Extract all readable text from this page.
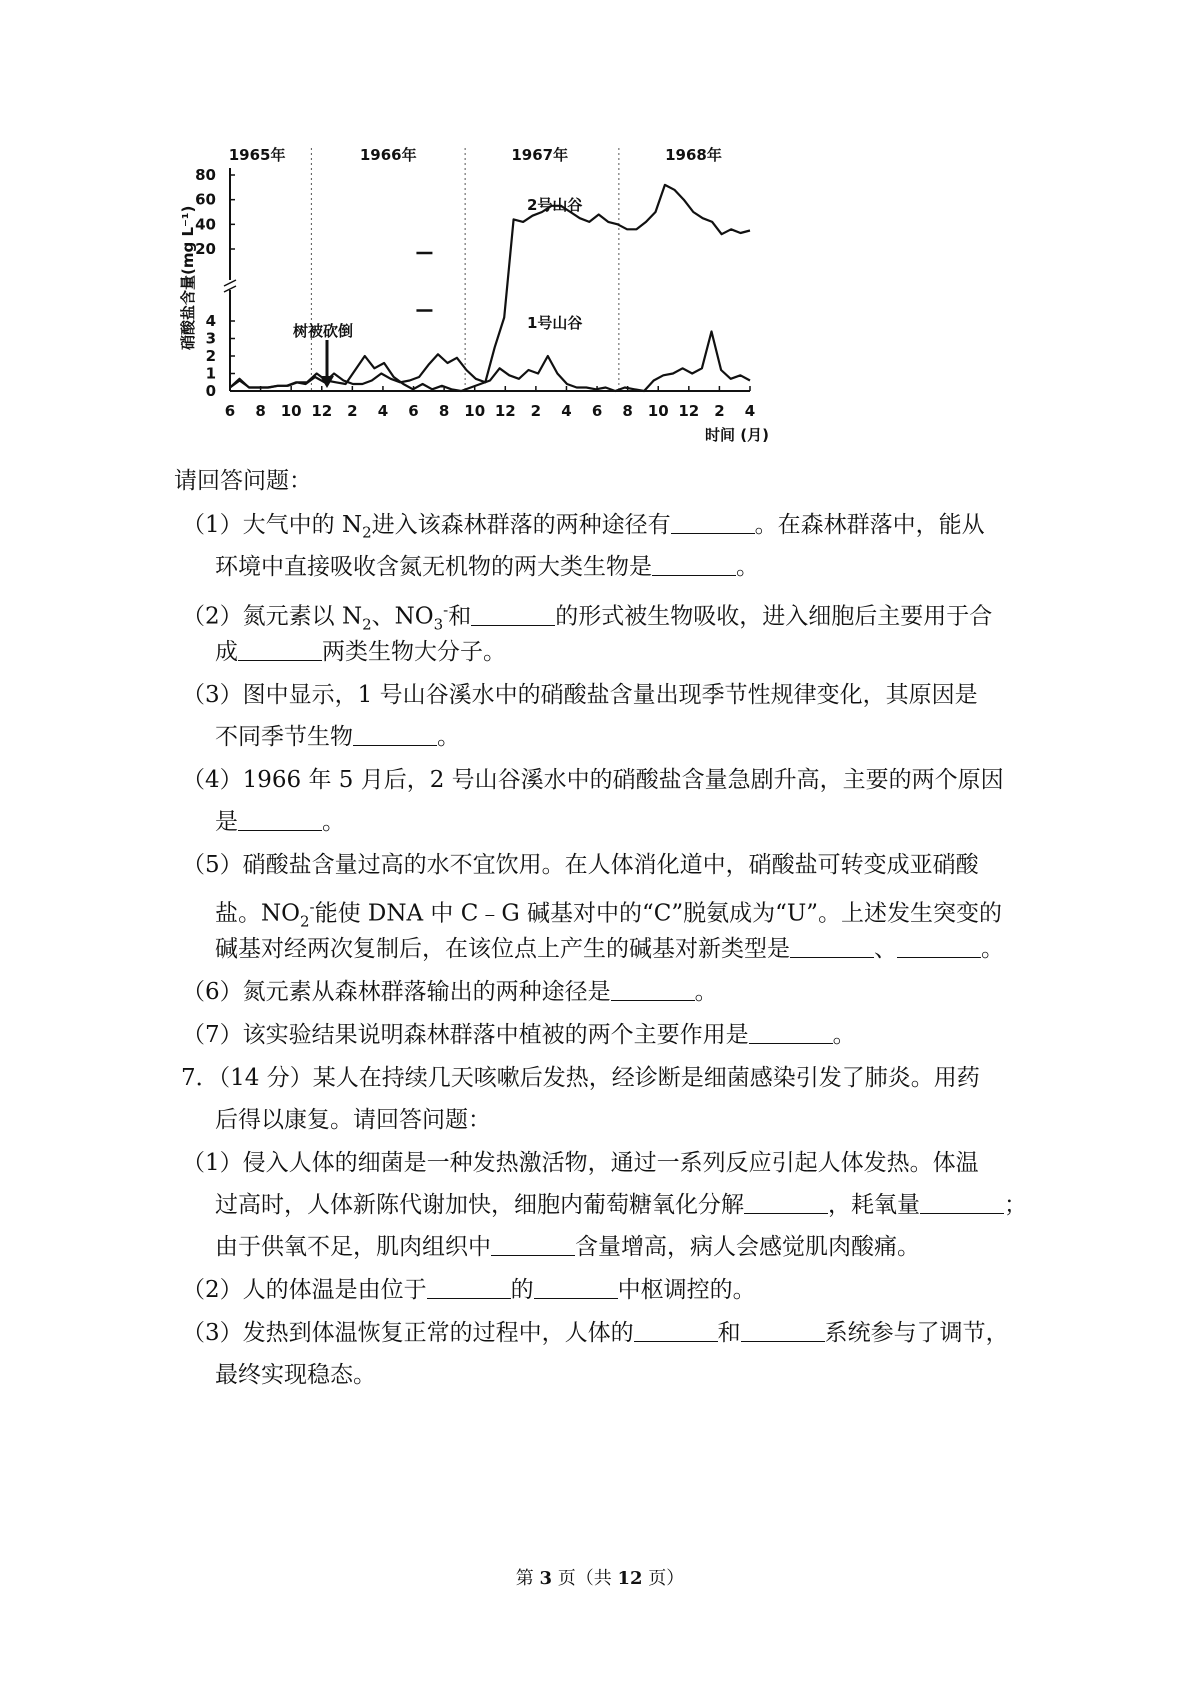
1965年	1966年	1967年	1968年
6 8 10 12 2 4 6 8 10 12 2 4 6 8 10 12 2 4
0
1
2
3
4
20
40
60
80
硝酸盐含量(mg L⁻¹)
时间 (月)
树被砍倒
2号山谷
1号山谷
请回答问题：
（1）大气中的 $N_2$进入该森林群落的两种途径有	。在森林群落中，能从
环境中直接吸收含氮无机物的两大类生物是	。
（2）氮元素以 $N_2$、$NO_3^-$和	的形式被生物吸收，进入细胞后主要用于合
成	两类生物大分子。
（3）图中显示，1 号山谷溪水中的硝酸盐含量出现季节性规律变化，其原因是
不同季节生物	。
（4）1966 年 5 月后，2 号山谷溪水中的硝酸盐含量急剧升高，主要的两个原因
是	。
（5）硝酸盐含量过高的水不宜饮用。在人体消化道中，硝酸盐可转变成亚硝酸
盐。$NO_2^-$能使 DNA 中 C﹣G 碱基对中的“C”脱氨成为“U”。上述发生突变的
碱基对经两次复制后，在该位点上产生的碱基对新类型是	、	。
（6）氮元素从森林群落输出的两种途径是	。
（7）该实验结果说明森林群落中植被的两个主要作用是	。
7．（14 分）某人在持续几天咳嗽后发热，经诊断是细菌感染引发了肺炎。用药
后得以康复。请回答问题：
（1）侵入人体的细菌是一种发热激活物，通过一系列反应引起人体发热。体温
过高时，人体新陈代谢加快，细胞内葡萄糖氧化分解	，耗氧量	；
由于供氧不足，肌肉组织中	含量增高，病人会感觉肌肉酸痛。
（2）人的体温是由位于	的	中枢调控的。
（3）发热到体温恢复正常的过程中，人体的	和	系统参与了调节，
最终实现稳态。
第 3 页（共 12 页）
